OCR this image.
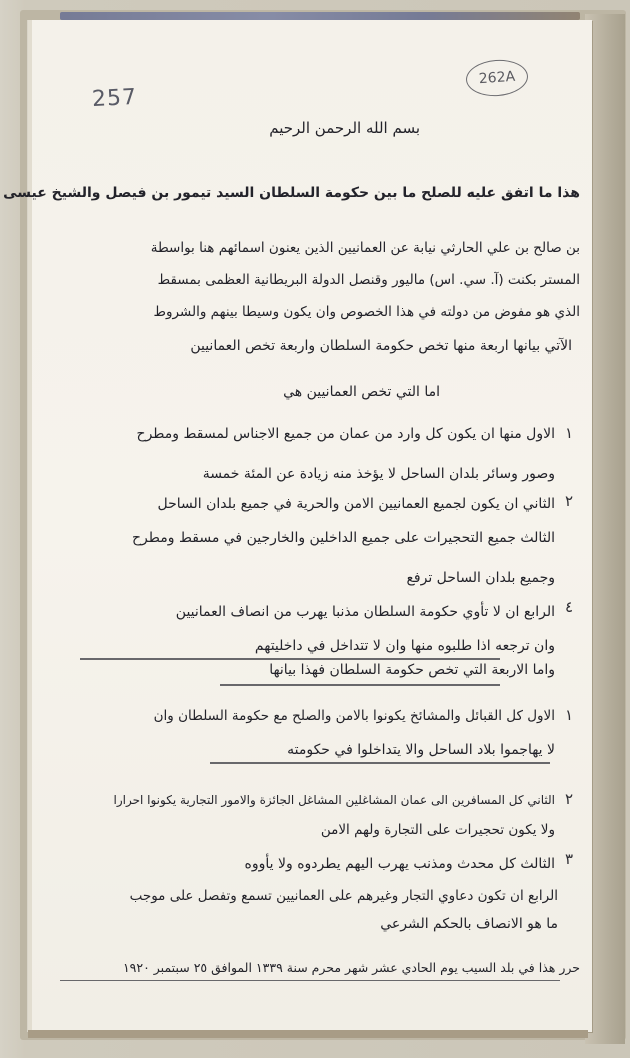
262A
257
بسم الله الرحمن الرحيم
هذا ما اتفق عليه للصلح ما بين حكومة السلطان السيد تيمور بن فيصل والشيخ عيسى
بن صالح بن علي الحارثي نيابة عن العمانيين الذين يعنون اسمائهم هنا بواسطة
المستر بكنت (آ. سي. اس) ماليور وقنصل الدولة البريطانية العظمى بمسقط
الذي هو مفوض من دولته في هذا الخصوص وان يكون وسيطا بينهم والشروط
الآتي بيانها اربعة منها تخص حكومة السلطان واربعة تخص العمانيين
اما التي تخص العمانيين هي
١
الاول منها ان يكون كل وارد من عمان من جميع الاجناس لمسقط ومطرح
وصور وسائر بلدان الساحل لا يؤخذ منه زيادة عن المئة خمسة
٢
الثاني ان يكون لجميع العمانيين الامن والحرية في جميع بلدان الساحل
الثالث جميع التحجيرات على جميع الداخلين والخارجين في مسقط ومطرح
وجميع بلدان الساحل ترفع
٤
الرابع ان لا تأوي حكومة السلطان مذنبا يهرب من انصاف العمانيين
وان ترجعه اذا طلبوه منها وان لا تتداخل في داخليتهم
واما الاربعة التي تخص حكومة السلطان فهذا بيانها
١
الاول كل القبائل والمشائخ يكونوا بالامن والصلح مع حكومة السلطان وان
لا يهاجموا بلاد الساحل والا يتداخلوا في حكومته
٢
الثاني كل المسافرين الى عمان المشاغلين المشاغل الجائزة والامور التجارية يكونوا احرارا
ولا يكون تحجيرات على التجارة ولهم الامن
٣
الثالث كل محدث ومذنب يهرب اليهم يطردوه ولا يأووه
الرابع ان تكون دعاوي التجار وغيرهم على العمانيين تسمع وتفصل على موجب
ما هو الانصاف بالحكم الشرعي
حرر هذا في بلد السيب يوم الحادي عشر شهر محرم سنة ١٣٣٩ الموافق ٢٥ سبتمبر ١٩٢٠
